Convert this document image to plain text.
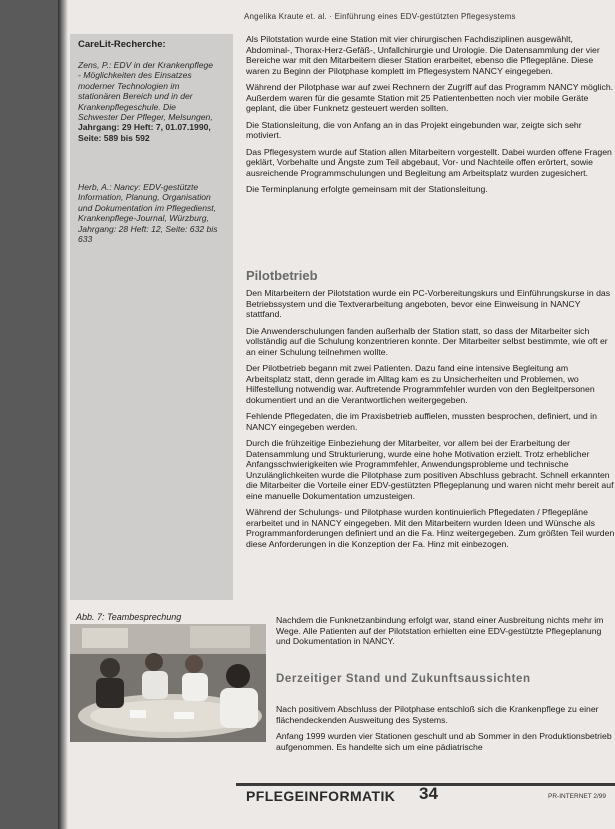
Angelika Kraute et. al. · Einführung eines EDV-gestützten Pflegesystems
CareLit-Recherche:
Zens, P.: EDV in der Krankenpflege - Möglichkeiten des Einsatzes moderner Technologien im stationären Bereich und in der Krankenpflegeschule. Die Schwester Der Pfleger, Melsungen, Jahrgang: 29 Heft: 7, 01.07.1990, Seite: 589 bis 592
Herb, A.: Nancy: EDV-gestützte Information, Planung, Organisation und Dokumentation im Pflegedienst, Krankenpflege-Journal, Würzburg, Jahrgang: 28 Heft: 12, Seite: 632 bis 633

Als Pilotstation wurde eine Station mit vier chirurgischen Fachdisziplinen ausgewählt, Abdominal-, Thorax-Herz-Gefäß-, Unfallchirurgie und Urologie. Die Datensammlung der vier Bereiche war mit den Mitarbeitern dieser Station erarbeitet, ebenso die Pflegepläne. Diese waren zu Beginn der Pilotphase komplett im Pflegesystem NANCY eingegeben.

Während der Pilotphase war auf zwei Rechnern der Zugriff auf das Programm NANCY möglich. Außerdem waren für die gesamte Station mit 25 Patientenbetten noch vier mobile Geräte geplant, die über Funknetz gesteuert werden sollten.

Die Stationsleitung, die von Anfang an in das Projekt eingebunden war, zeigte sich sehr motiviert.

Das Pflegesystem wurde auf Station allen Mitarbeitern vorgestellt. Dabei wurden offene Fragen geklärt, Vorbehalte und Ängste zum Teil abgebaut, Vor- und Nachteile offen erörtert, sowie ausreichende Programmschulungen und Begleitung am Arbeitsplatz wurden zugesichert.

Die Terminplanung erfolgte gemeinsam mit der Stationsleitung.

Pilotbetrieb

Den Mitarbeitern der Pilotstation wurde ein PC-Vorbereitungskurs und Einführungskurse in das Betriebssystem und die Textverarbeitung angeboten, bevor eine Einweisung in NANCY stattfand.

Die Anwenderschulungen fanden außerhalb der Station statt, so dass der Mitarbeiter sich vollständig auf die Schulung konzentrieren konnte. Der Mitarbeiter selbst bestimmte, wie oft er an einer Schulung teilnehmen wollte.

Der Pilotbetrieb begann mit zwei Patienten. Dazu fand eine intensive Begleitung am Arbeitsplatz statt, denn gerade im Alltag kam es zu Unsicherheiten und Problemen, wo Hilfestellung notwendig war. Auftretende Programmfehler wurden von den Begleitpersonen dokumentiert und an die Verantwortlichen weitergegeben.

Fehlende Pflegedaten, die im Praxisbetrieb auffielen, mussten besprochen, definiert, und in NANCY eingegeben werden.

Durch die frühzeitige Einbeziehung der Mitarbeiter, vor allem bei der Erarbeitung der Datensammlung und Strukturierung, wurde eine hohe Motivation erzielt. Trotz erheblicher Anfangsschwierigkeiten wie Programmfehler, Anwendungsprobleme und technische Unzulänglichkeiten wurde die Pilotphase zum positiven Abschluss gebracht. Schnell erkannten die Mitarbeiter die Vorteile einer EDV-gestützten Pflegeplanung und waren nicht mehr bereit auf eine manuelle Dokumentation umzusteigen.

Während der Schulungs- und Pilotphase wurden kontinuierlich Pflegedaten / Pflegepläne erarbeitet und in NANCY eingegeben. Mit den Mitarbeitern wurden Ideen und Wünsche als Programmanforderungen definiert und an die Fa. Hinz weitergegeben. Zum größten Teil wurden diese Anforderungen in die Konzeption der Fa. Hinz mit einbezogen.

Nachdem die Funknetzanbindung erfolgt war, stand einer Ausbreitung nichts mehr im Wege. Alle Patienten auf der Pilotstation erhielten eine EDV-gestützte Pflegeplanung und Dokumentation in NANCY.

Derzeitiger Stand und Zukunftsaussichten

Nach positivem Abschluss der Pilotphase entschloß sich die Krankenpflege zu einer flächendeckenden Ausweitung des Systems.

Anfang 1999 wurden vier Stationen geschult und ab Sommer in den Produktionsbetrieb aufgenommen. Es handelte sich um eine pädiatrische

Abb. 7: Teambesprechung
PFLEGEINFORMATIK 34	PR-INTERNET 2/99
